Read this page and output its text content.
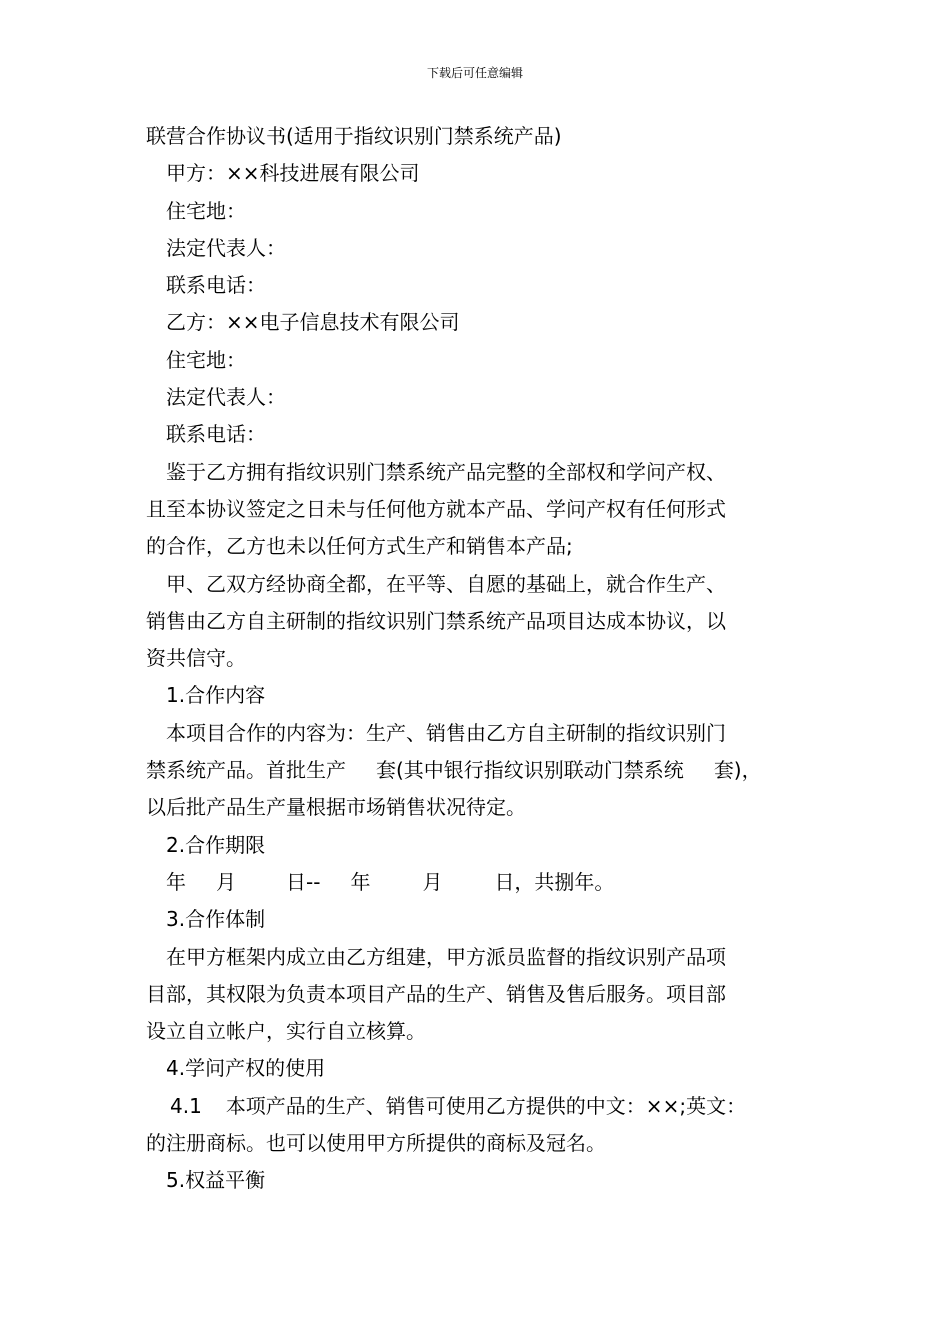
下载后可任意编辑
联营合作协议书(适用于指纹识别门禁系统产品)
甲方：××科技进展有限公司
住宅地：
法定代表人：
联系电话：
乙方：××电子信息技术有限公司
住宅地：
法定代表人：
联系电话：
鉴于乙方拥有指纹识别门禁系统产品完整的全部权和学问产权、
且至本协议签定之日未与任何他方就本产品、学问产权有任何形式
的合作，乙方也未以任何方式生产和销售本产品;
甲、乙双方经协商全都，在平等、自愿的基础上，就合作生产、
销售由乙方自主研制的指纹识别门禁系统产品项目达成本协议，以
资共信守。
1.合作内容
本项目合作的内容为：生产、销售由乙方自主研制的指纹识别门
禁系统产品。首批生产 套(其中银行指纹识别联动门禁系统 套)，
以后批产品生产量根据市场销售状况待定。
2.合作期限
年 月	日-- 年	月	日，共捌年。
3.合作体制
在甲方框架内成立由乙方组建，甲方派员监督的指纹识别产品项
目部，其权限为负责本项目产品的生产、销售及售后服务。项目部
设立自立帐户，实行自立核算。
4.学问产权的使用
4.1 本项产品的生产、销售可使用乙方提供的中文：××;英文：
的注册商标。也可以使用甲方所提供的商标及冠名。
5.权益平衡
